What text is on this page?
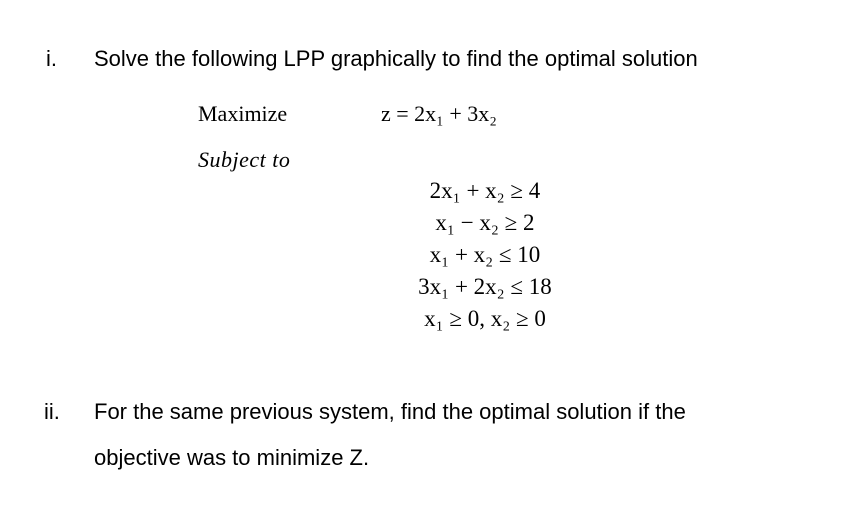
i. Solve the following LPP graphically to find the optimal solution
Maximize	z = 2x₁ + 3x₂
Subject to
2x₁ + x₂ ≥ 4
x₁ − x₂ ≥ 2
x₁ + x₂ ≤ 10
3x₁ + 2x₂ ≤ 18
x₁ ≥ 0, x₂ ≥ 0
ii. For the same previous system, find the optimal solution if the
objective was to minimize Z.
